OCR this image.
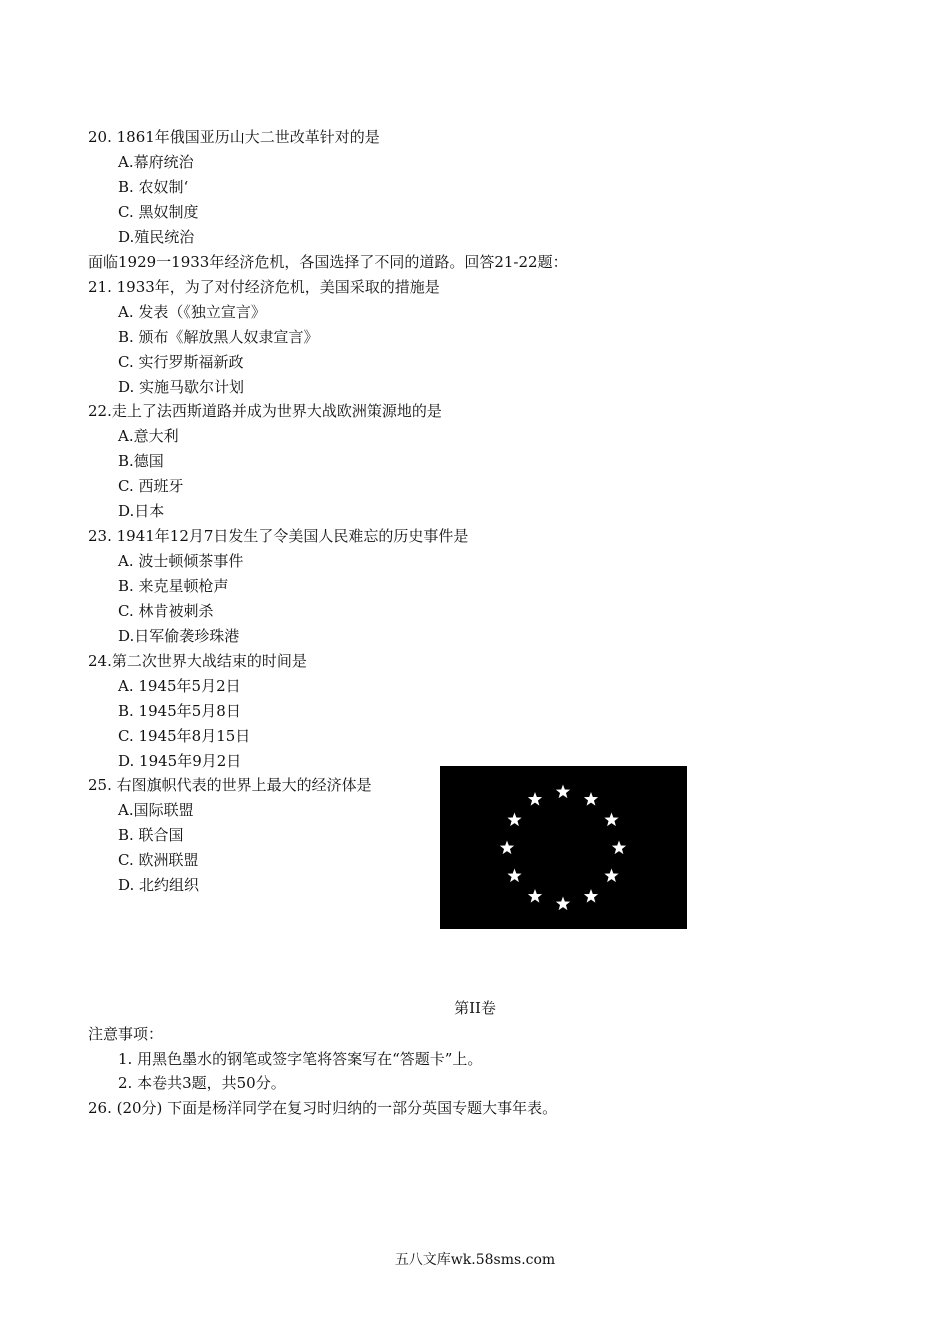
20. 1861年俄国亚历山大二世改革针对的是
A.幕府统治
B. 农奴制‘
C. 黑奴制度
D.殖民统治
面临1929一1933年经济危机，各国选择了不同的道路。回答21-22题：
21. 1933年，为了对付经济危机，美国采取的措施是
A. 发表（《独立宣言》
B. 颁布《解放黑人奴隶宣言》
C. 实行罗斯福新政
D. 实施马歇尔计划
22.走上了法西斯道路并成为世界大战欧洲策源地的是
A.意大利
B.德国
C. 西班牙
D.日本
23. 1941年12月7日发生了令美国人民难忘的历史事件是
A. 波士顿倾茶事件
B. 来克星顿枪声
C. 林肯被刺杀
D.日军偷袭珍珠港
24.第二次世界大战结束的时间是
A. 1945年5月2日
B. 1945年5月8日
C. 1945年8月15日
D. 1945年9月2日
25. 右图旗帜代表的世界上最大的经济体是
A.国际联盟
B. 联合国
C. 欧洲联盟
D. 北约组织
第II卷
注意事项：
1. 用黑色墨水的钢笔或签字笔将答案写在“答题卡”上。
2. 本卷共3题，共50分。
26. (20分) 下面是杨洋同学在复习时归纳的一部分英国专题大事年表。
五八文库wk.58sms.com
